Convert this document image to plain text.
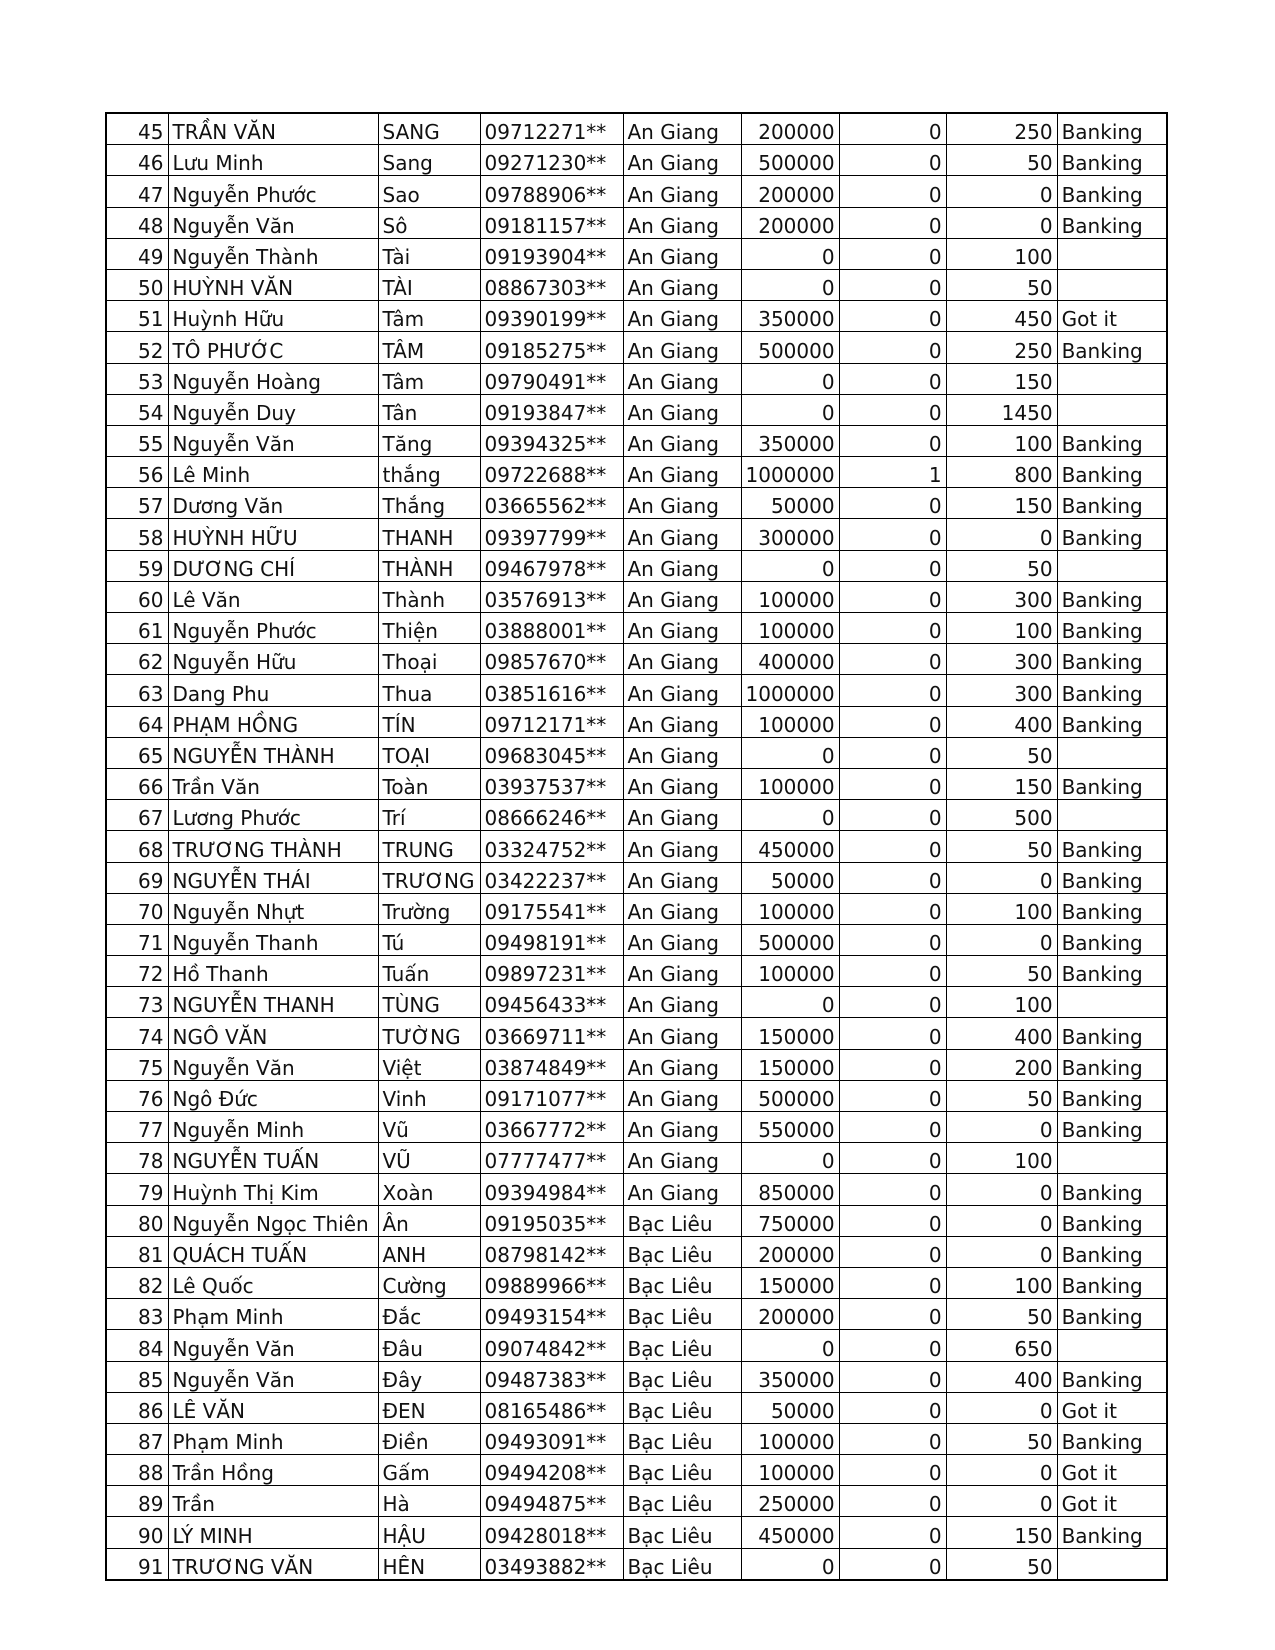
45	TRẦN VĂN	SANG	09712271**	An Giang	200000	0	250	Banking
46	Lưu Minh	Sang	09271230**	An Giang	500000	0	50	Banking
47	Nguyễn Phước	Sao	09788906**	An Giang	200000	0	0	Banking
48	Nguyễn Văn	Sô	09181157**	An Giang	200000	0	0	Banking
49	Nguyễn Thành	Tài	09193904**	An Giang	0	0	100	
50	HUỲNH VĂN	TÀI	08867303**	An Giang	0	0	50	
51	Huỳnh Hữu	Tâm	09390199**	An Giang	350000	0	450	Got it
52	TÔ PHƯỚC	TÂM	09185275**	An Giang	500000	0	250	Banking
53	Nguyễn Hoàng	Tâm	09790491**	An Giang	0	0	150	
54	Nguyễn Duy	Tân	09193847**	An Giang	0	0	1450	
55	Nguyễn Văn	Tăng	09394325**	An Giang	350000	0	100	Banking
56	Lê Minh	thắng	09722688**	An Giang	1000000	1	800	Banking
57	Dương Văn	Thắng	03665562**	An Giang	50000	0	150	Banking
58	HUỲNH HỮU	THANH	09397799**	An Giang	300000	0	0	Banking
59	DƯƠNG CHÍ	THÀNH	09467978**	An Giang	0	0	50	
60	Lê Văn	Thành	03576913**	An Giang	100000	0	300	Banking
61	Nguyễn Phước	Thiện	03888001**	An Giang	100000	0	100	Banking
62	Nguyễn Hữu	Thoại	09857670**	An Giang	400000	0	300	Banking
63	Dang Phu	Thua	03851616**	An Giang	1000000	0	300	Banking
64	PHẠM HỒNG	TÍN	09712171**	An Giang	100000	0	400	Banking
65	NGUYỄN THÀNH	TOẠI	09683045**	An Giang	0	0	50	
66	Trần Văn	Toàn	03937537**	An Giang	100000	0	150	Banking
67	Lương Phước	Trí	08666246**	An Giang	0	0	500	
68	TRƯƠNG THÀNH	TRUNG	03324752**	An Giang	450000	0	50	Banking
69	NGUYỄN THÁI	TRƯƠNG	03422237**	An Giang	50000	0	0	Banking
70	Nguyễn Nhựt	Trường	09175541**	An Giang	100000	0	100	Banking
71	Nguyễn Thanh	Tú	09498191**	An Giang	500000	0	0	Banking
72	Hồ Thanh	Tuấn	09897231**	An Giang	100000	0	50	Banking
73	NGUYỄN THANH	TÙNG	09456433**	An Giang	0	0	100	
74	NGÔ VĂN	TƯỜNG	03669711**	An Giang	150000	0	400	Banking
75	Nguyễn Văn	Việt	03874849**	An Giang	150000	0	200	Banking
76	Ngô Đức	Vinh	09171077**	An Giang	500000	0	50	Banking
77	Nguyễn Minh	Vũ	03667772**	An Giang	550000	0	0	Banking
78	NGUYỄN TUẤN	VŨ	07777477**	An Giang	0	0	100	
79	Huỳnh Thị Kim	Xoàn	09394984**	An Giang	850000	0	0	Banking
80	Nguyễn Ngọc Thiên	Ân	09195035**	Bạc Liêu	750000	0	0	Banking
81	QUÁCH TUẤN	ANH	08798142**	Bạc Liêu	200000	0	0	Banking
82	Lê Quốc	Cường	09889966**	Bạc Liêu	150000	0	100	Banking
83	Phạm Minh	Đắc	09493154**	Bạc Liêu	200000	0	50	Banking
84	Nguyễn Văn	Đâu	09074842**	Bạc Liêu	0	0	650	
85	Nguyễn Văn	Đây	09487383**	Bạc Liêu	350000	0	400	Banking
86	LÊ VĂN	ĐEN	08165486**	Bạc Liêu	50000	0	0	Got it
87	Phạm Minh	Điền	09493091**	Bạc Liêu	100000	0	50	Banking
88	Trần Hồng	Gấm	09494208**	Bạc Liêu	100000	0	0	Got it
89	Trần	Hà	09494875**	Bạc Liêu	250000	0	0	Got it
90	LÝ MINH	HẬU	09428018**	Bạc Liêu	450000	0	150	Banking
91	TRƯƠNG VĂN	HÊN	03493882**	Bạc Liêu	0	0	50	
